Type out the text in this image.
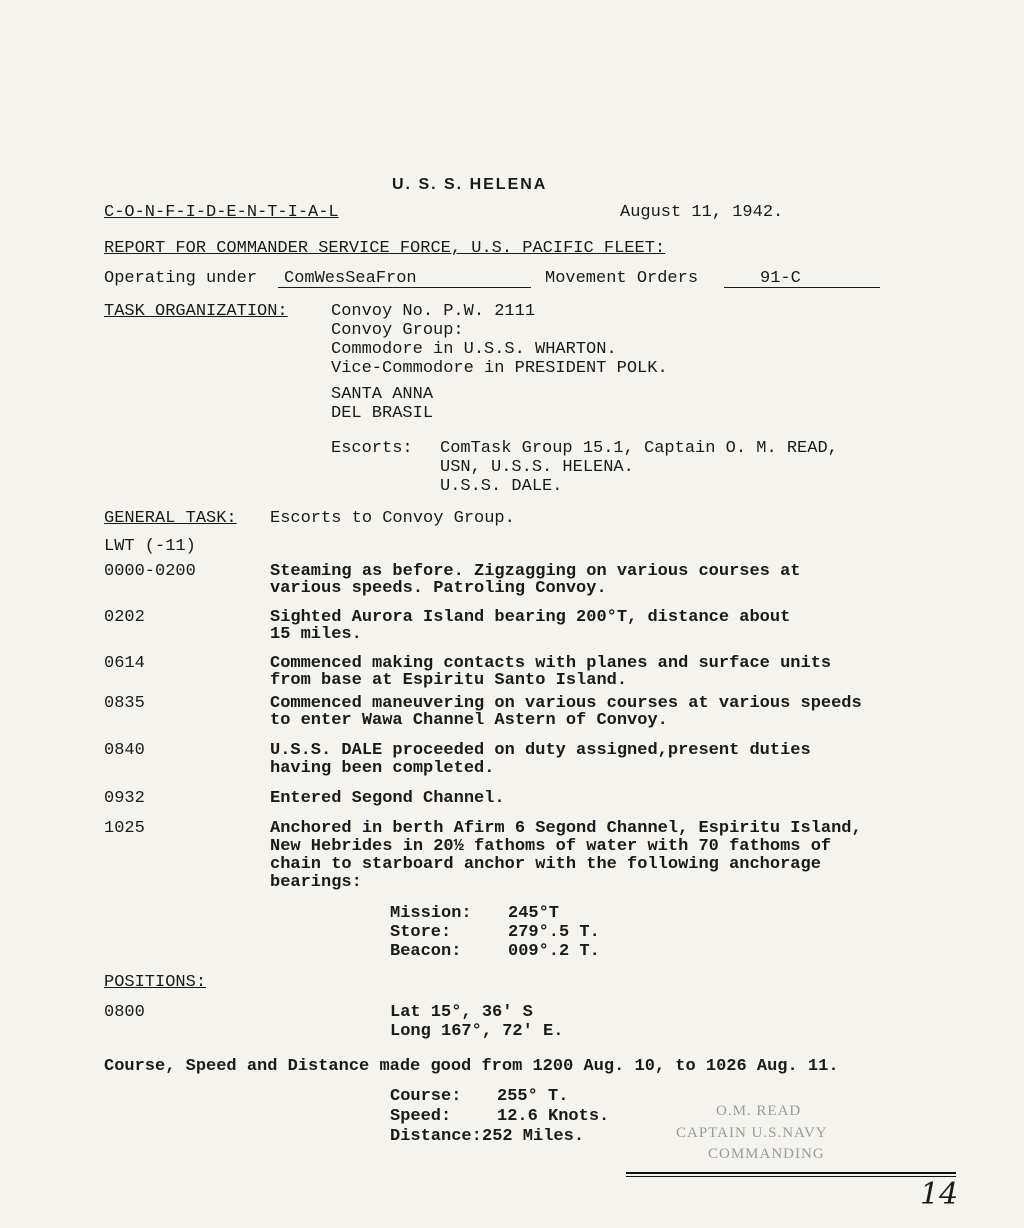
U. S. S. HELENA
C-O-N-F-I-D-E-N-T-I-A-L	August 11, 1942.
REPORT FOR COMMANDER SERVICE FORCE, U.S. PACIFIC FLEET:
Operating under	ComWesSeaFron	Movement Orders	91-C
TASK ORGANIZATION:	Convoy No. P.W. 2111
Convoy Group:
Commodore in U.S.S. WHARTON.
Vice-Commodore in PRESIDENT POLK.
SANTA ANNA
DEL BRASIL
Escorts: ComTask Group 15.1, Captain O. M. READ,
USN, U.S.S. HELENA.
U.S.S. DALE.
GENERAL TASK: Escorts to Convoy Group.
LWT (-11)
0000-0200	Steaming as before. Zigzagging on various courses at
various speeds. Patroling Convoy.
0202	Sighted Aurora Island bearing 200°T, distance about
15 miles.
0614	Commenced making contacts with planes and surface units
from base at Espiritu Santo Island.
0835	Commenced maneuvering on various courses at various speeds
to enter Wawa Channel Astern of Convoy.
0840	U.S.S. DALE proceeded on duty assigned,present duties
having been completed.
0932	Entered Segond Channel.
1025	Anchored in berth Afirm 6 Segond Channel, Espiritu Island,
New Hebrides in 20½ fathoms of water with 70 fathoms of
chain to starboard anchor with the following anchorage
bearings:
Mission: 245°T
Store:	279°.5 T.
Beacon:	009°.2 T.
POSITIONS:
0800	Lat 15°, 36' S
Long 167°, 72' E.
Course, Speed and Distance made good from 1200 Aug. 10, to 1026 Aug. 11.
Course: 255° T.
Speed:	12.6 Knots.
Distance: 252 Miles.
O.M. READ
CAPTAIN U.S.NAVY
COMMANDING
14
